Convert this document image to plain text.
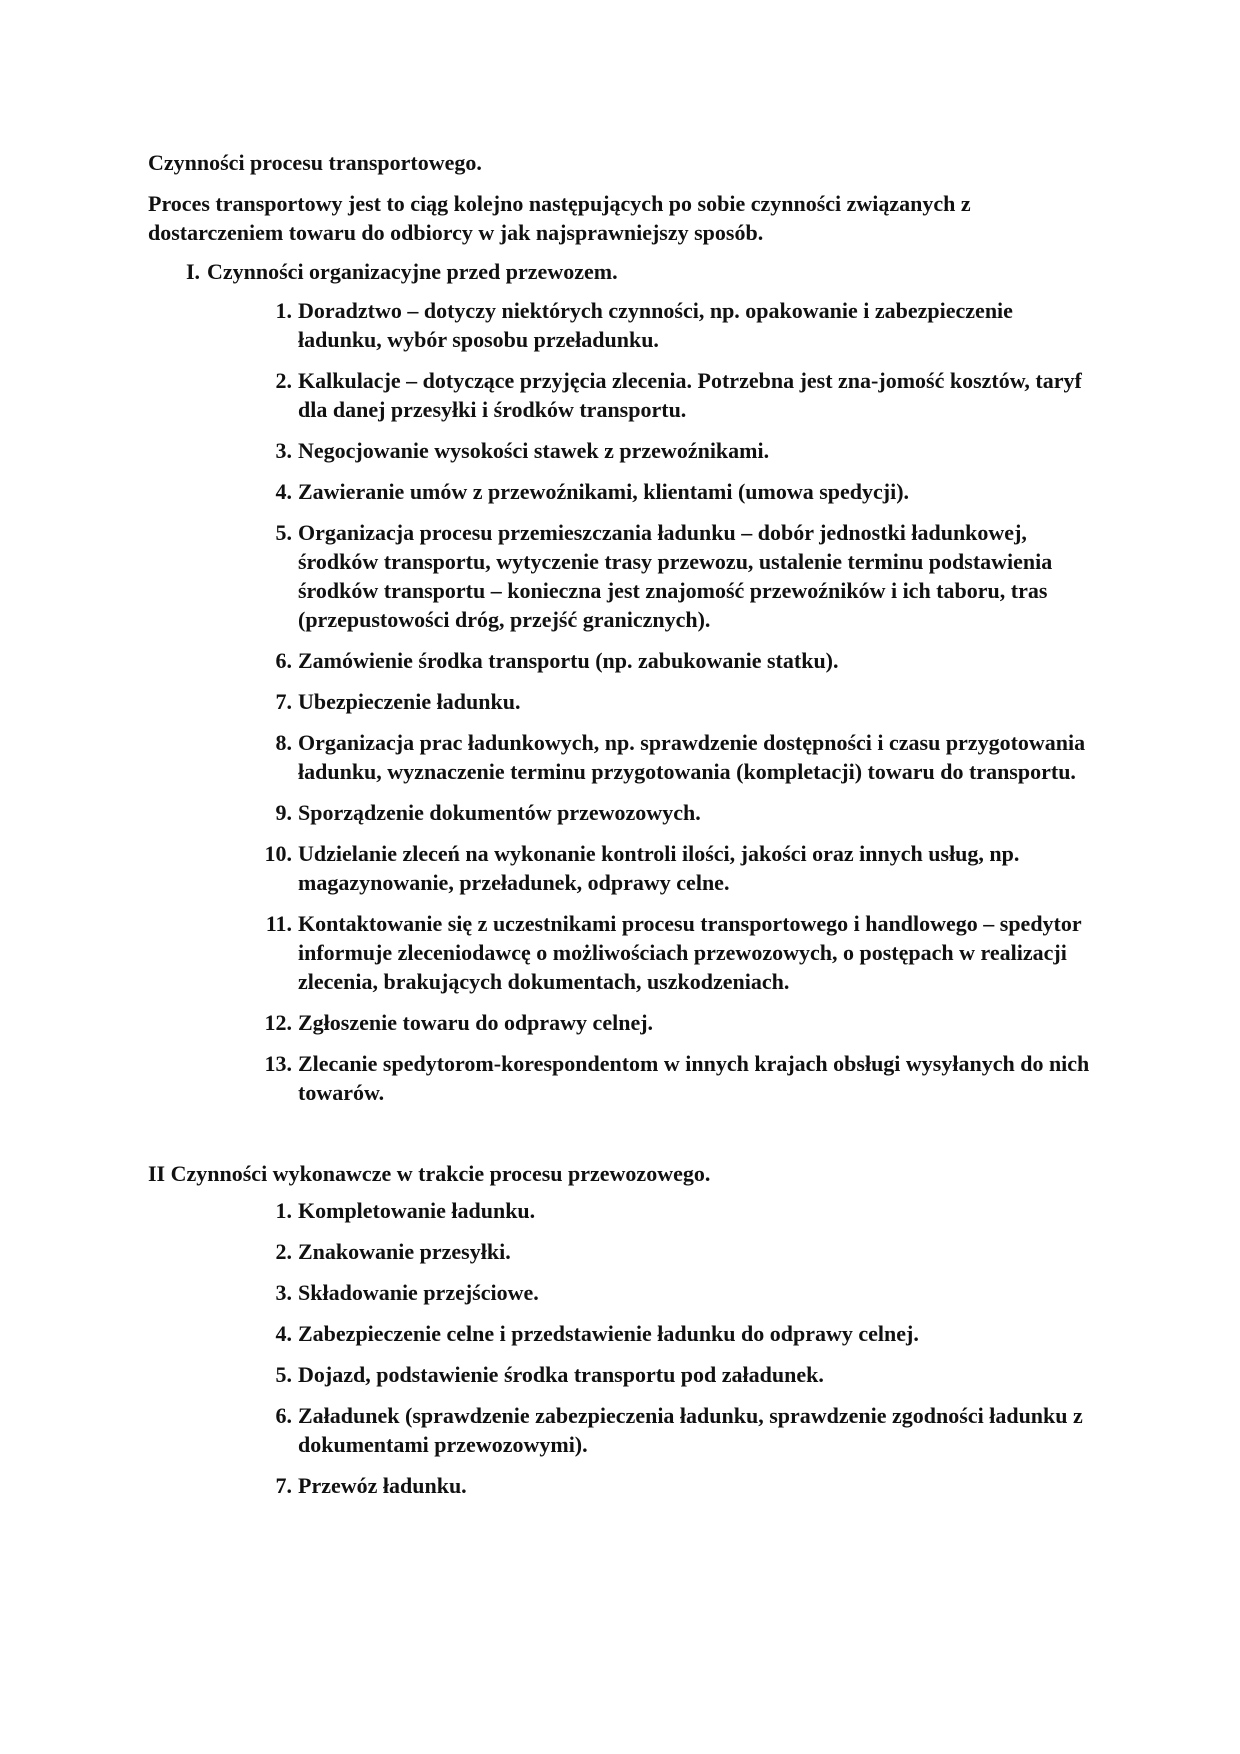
Czynności procesu transportowego.
Proces transportowy jest to ciąg kolejno następujących po sobie czynności związanych z dostarczeniem towaru do odbiorcy w jak najsprawniejszy sposób.
I. Czynności organizacyjne przed przewozem.
1. Doradztwo – dotyczy niektórych czynności, np. opakowanie i zabezpieczenie ładunku, wybór sposobu przeładunku.
2. Kalkulacje – dotyczące przyjęcia zlecenia. Potrzebna jest zna-jomość kosztów, taryf dla danej przesyłki i środków transportu.
3. Negocjowanie wysokości stawek z przewoźnikami.
4. Zawieranie umów z przewoźnikami, klientami (umowa spedycji).
5. Organizacja procesu przemieszczania ładunku – dobór jednostki ładunkowej, środków transportu, wytyczenie trasy przewozu, ustalenie terminu podstawienia środków transportu – konieczna jest znajomość przewoźników i ich taboru, tras (przepustowości dróg, przejść granicznych).
6. Zamówienie środka transportu (np. zabukowanie statku).
7. Ubezpieczenie ładunku.
8. Organizacja prac ładunkowych, np. sprawdzenie dostępności i czasu przygotowania ładunku, wyznaczenie terminu przygotowania (kompletacji) towaru do transportu.
9. Sporządzenie dokumentów przewozowych.
10. Udzielanie zleceń na wykonanie kontroli ilości, jakości oraz innych usług, np. magazynowanie, przeładunek, odprawy celne.
11. Kontaktowanie się z uczestnikami procesu transportowego i handlowego – spedytor informuje zleceniodawcę o możliwościach przewozowych, o postępach w realizacji zlecenia, brakujących dokumentach, uszkodzeniach.
12. Zgłoszenie towaru do odprawy celnej.
13. Zlecanie spedytorom-korespondentom w innych krajach obsługi wysyłanych do nich towarów.
II Czynności wykonawcze w trakcie procesu przewozowego.
1. Kompletowanie ładunku.
2. Znakowanie przesyłki.
3. Składowanie przejściowe.
4. Zabezpieczenie celne i przedstawienie ładunku do odprawy celnej.
5. Dojazd, podstawienie środka transportu pod załadunek.
6. Załadunek (sprawdzenie zabezpieczenia ładunku, sprawdzenie zgodności ładunku z dokumentami przewozowymi).
7. Przewóz ładunku.
